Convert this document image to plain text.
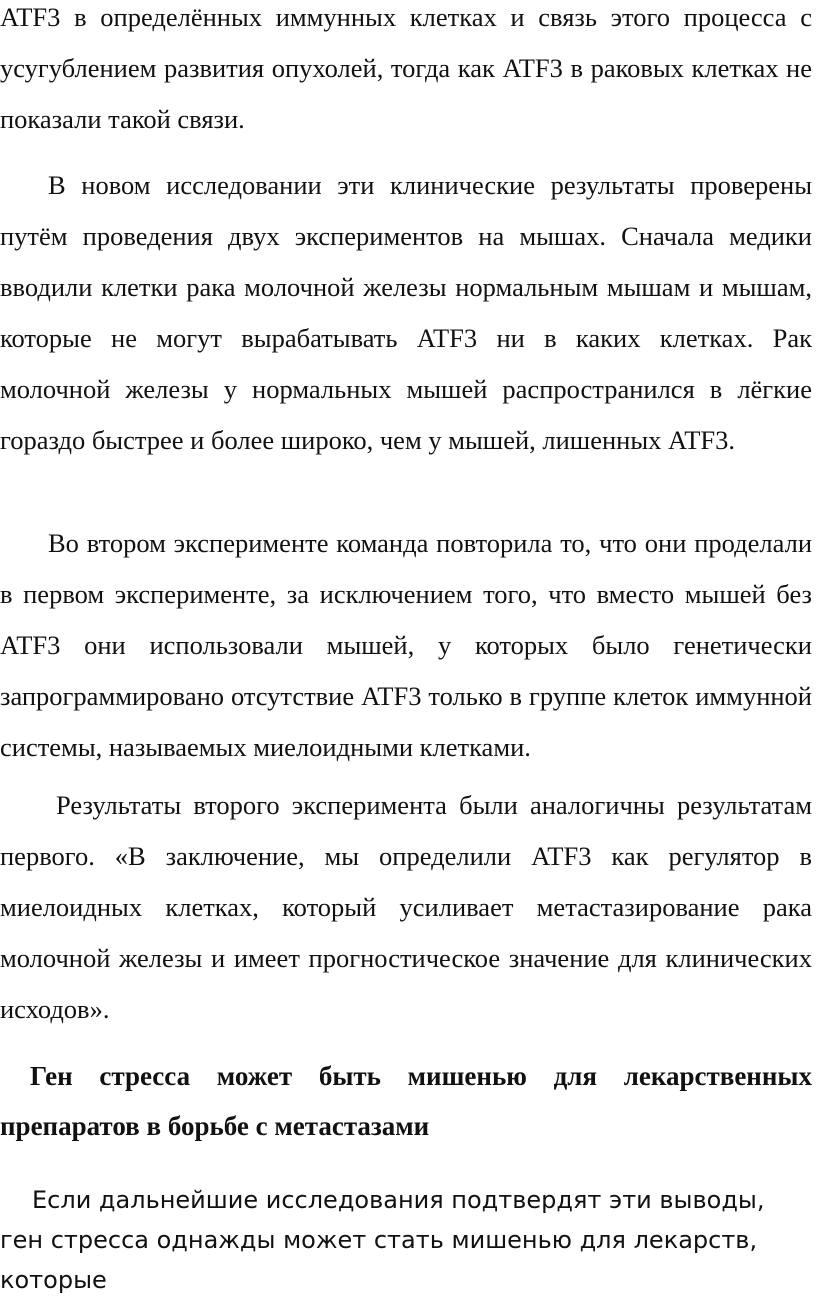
ATF3 в определённых иммунных клетках и связь этого процесса с усугублением развития опухолей, тогда как ATF3 в раковых клетках не показали такой связи.

В новом исследовании эти клинические результаты проверены путём проведения двух экспериментов на мышах. Сначала медики вводили клетки рака молочной железы нормальным мышам и мышам, которые не могут вырабатывать ATF3 ни в каких клетках. Рак молочной железы у нормальных мышей распространился в лёгкие гораздо быстрее и более широко, чем у мышей, лишенных ATF3.

Во втором эксперименте команда повторила то, что они проделали в первом эксперименте, за исключением того, что вместо мышей без ATF3 они использовали мышей, у которых было генетически запрограммировано отсутствие ATF3 только в группе клеток иммунной системы, называемых миелоидными клетками.

Результаты второго эксперимента были аналогичны результатам первого. «В заключение, мы определили ATF3 как регулятор в миелоидных клетках, который усиливает метастазирование рака молочной железы и имеет прогностическое значение для клинических исходов».

Ген стресса может быть мишенью для лекарственных препаратов в борьбе с метастазами

Если дальнейшие исследования подтвердят эти выводы, ген стресса однажды может стать мишенью для лекарств, которые
